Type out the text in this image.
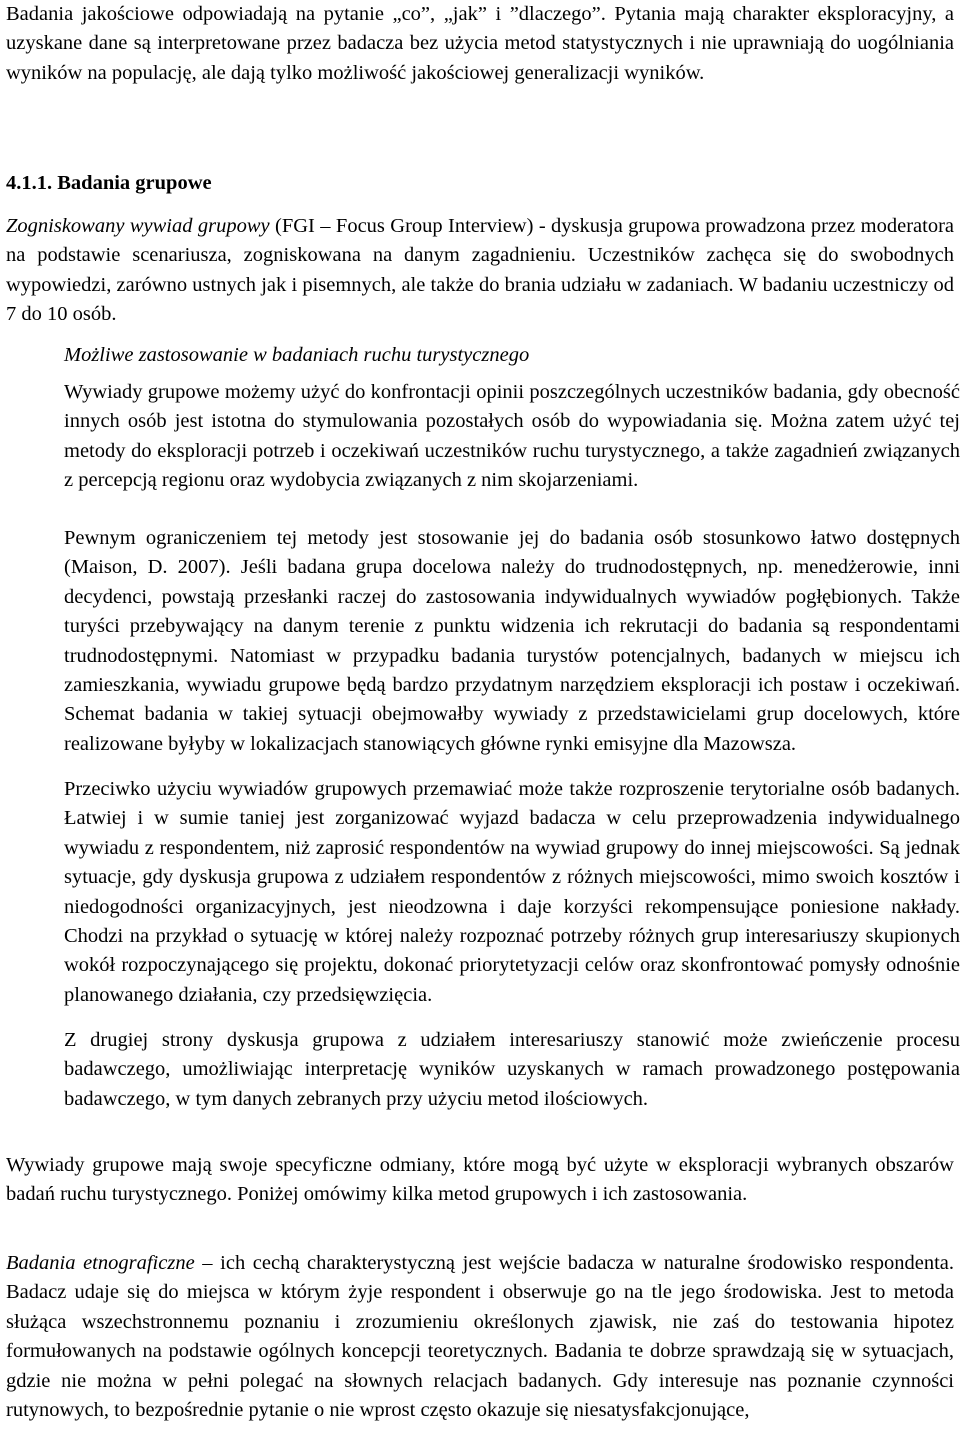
Badania jakościowe odpowiadają na pytanie „co”, „jak” i ”dlaczego”. Pytania mają charakter eksploracyjny, a uzyskane dane są interpretowane przez badacza bez użycia metod statystycznych i nie uprawniają do uogólniania wyników na populację, ale dają tylko możliwość jakościowej generalizacji wyników.

4.1.1. Badania grupowe

Zogniskowany wywiad grupowy (FGI – Focus Group Interview) - dyskusja grupowa prowadzona przez moderatora na podstawie scenariusza, zogniskowana na danym zagadnieniu. Uczestników zachęca się do swobodnych wypowiedzi, zarówno ustnych jak i pisemnych, ale także do brania udziału w zadaniach. W badaniu uczestniczy od 7 do 10 osób.

Możliwe zastosowanie w badaniach ruchu turystycznego

Wywiady grupowe możemy użyć do konfrontacji opinii poszczególnych uczestników badania, gdy obecność innych osób jest istotna do stymulowania pozostałych osób do wypowiadania się. Można zatem użyć tej metody do eksploracji potrzeb i oczekiwań uczestników ruchu turystycznego, a także zagadnień związanych z percepcją regionu oraz wydobycia związanych z nim skojarzeniami.

Pewnym ograniczeniem tej metody jest stosowanie jej do badania osób stosunkowo łatwo dostępnych (Maison, D. 2007). Jeśli badana grupa docelowa należy do trudnodostępnych, np. menedżerowie, inni decydenci, powstają przesłanki raczej do zastosowania indywidualnych wywiadów pogłębionych. Także turyści przebywający na danym terenie z punktu widzenia ich rekrutacji do badania są respondentami trudnodostępnymi. Natomiast w przypadku badania turystów potencjalnych, badanych w miejscu ich zamieszkania, wywiadu grupowe będą bardzo przydatnym narzędziem eksploracji ich postaw i oczekiwań. Schemat badania w takiej sytuacji obejmowałby wywiady z przedstawicielami grup docelowych, które realizowane byłyby w lokalizacjach stanowiących główne rynki emisyjne dla Mazowsza.

Przeciwko użyciu wywiadów grupowych przemawiać może także rozproszenie terytorialne osób badanych. Łatwiej i w sumie taniej jest zorganizować wyjazd badacza w celu przeprowadzenia indywidualnego wywiadu z respondentem, niż zaprosić respondentów na wywiad grupowy do innej miejscowości. Są jednak sytuacje, gdy dyskusja grupowa z udziałem respondentów z różnych miejscowości, mimo swoich kosztów i niedogodności organizacyjnych, jest nieodzowna i daje korzyści rekompensujące poniesione nakłady. Chodzi na przykład o sytuację w której należy rozpoznać potrzeby różnych grup interesariuszy skupionych wokół rozpoczynającego się projektu, dokonać priorytetyzacji celów oraz skonfrontować pomysły odnośnie planowanego działania, czy przedsięwzięcia.

Z drugiej strony dyskusja grupowa z udziałem interesariuszy stanowić może zwieńczenie procesu badawczego, umożliwiając interpretację wyników uzyskanych w ramach prowadzonego postępowania badawczego, w tym danych zebranych przy użyciu metod ilościowych.

Wywiady grupowe mają swoje specyficzne odmiany, które mogą być użyte w eksploracji wybranych obszarów badań ruchu turystycznego. Poniżej omówimy kilka metod grupowych i ich zastosowania.

Badania etnograficzne – ich cechą charakterystyczną jest wejście badacza w naturalne środowisko respondenta. Badacz udaje się do miejsca w którym żyje respondent i obserwuje go na tle jego środowiska. Jest to metoda służąca wszechstronnemu poznaniu i zrozumieniu określonych zjawisk, nie zaś do testowania hipotez formułowanych na podstawie ogólnych koncepcji teoretycznych. Badania te dobrze sprawdzają się w sytuacjach, gdzie nie można w pełni polegać na słownych relacjach badanych. Gdy interesuje nas poznanie czynności rutynowych, to bezpośrednie pytanie o nie wprost często okazuje się niesatysfakcjonujące,
